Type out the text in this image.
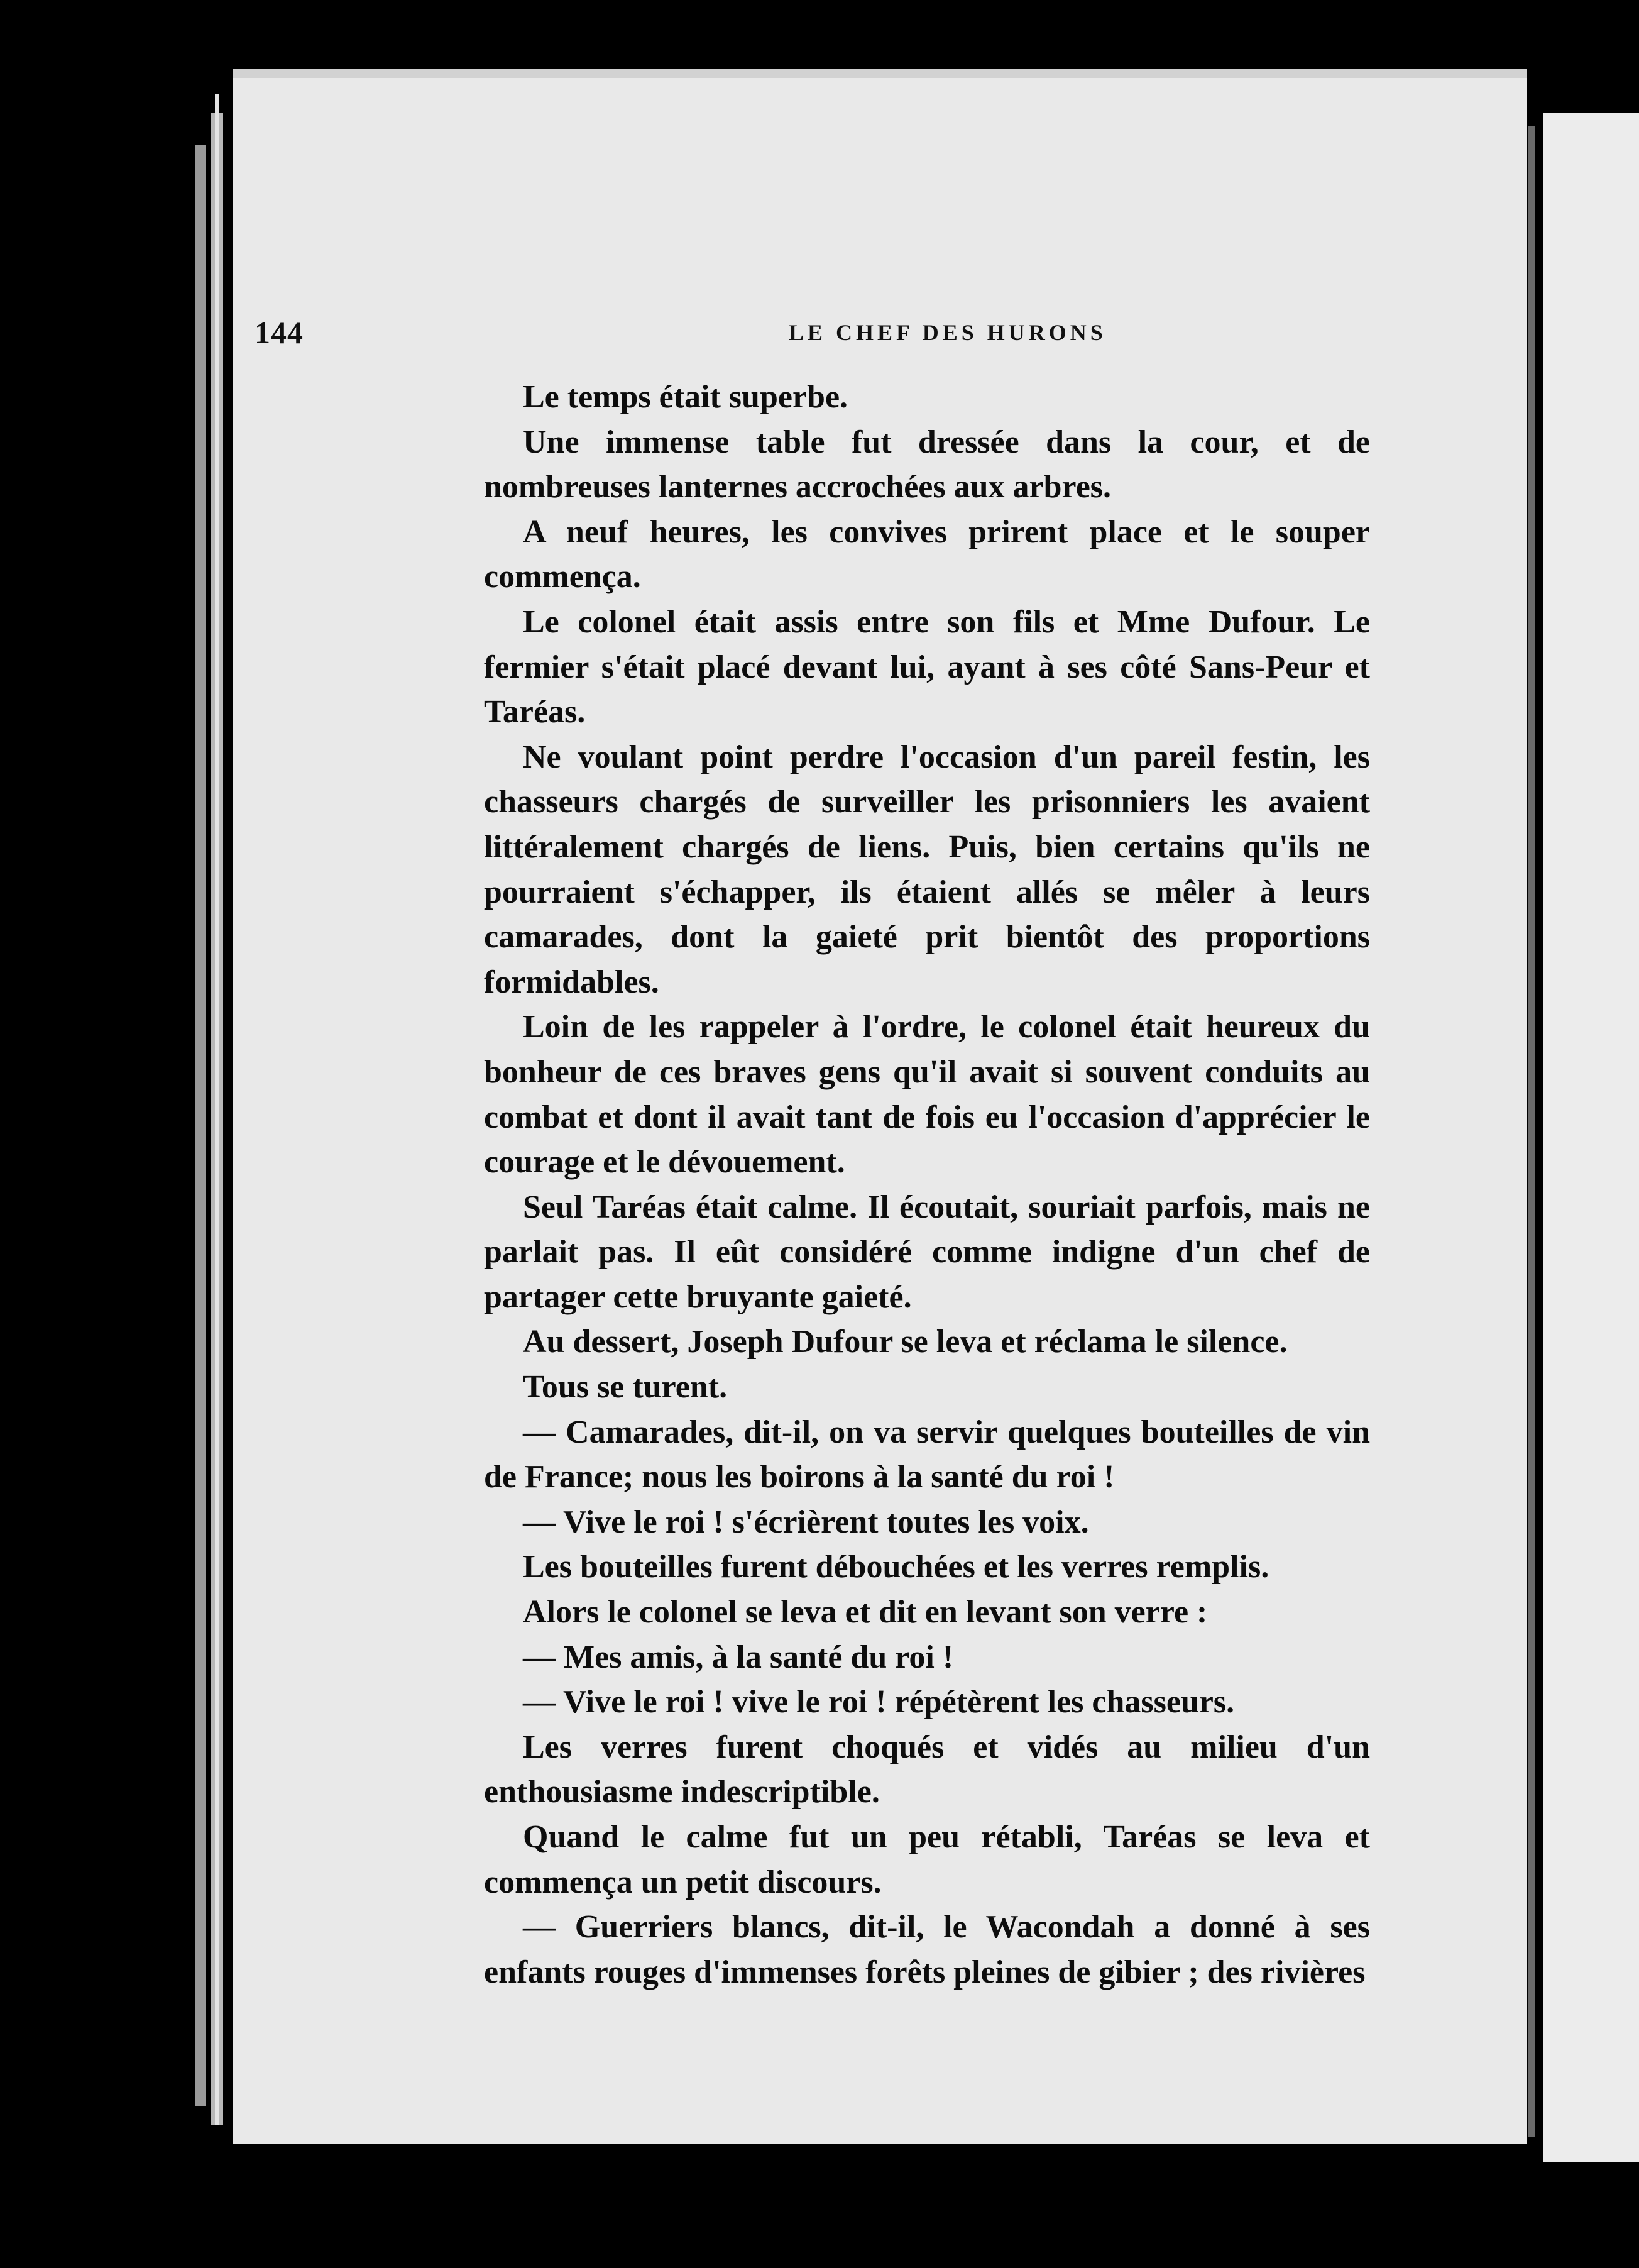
144	LE CHEF DES HURONS

Le temps était superbe.

Une immense table fut dressée dans la cour, et de nombreuses lanternes accrochées aux arbres.

A neuf heures, les convives prirent place et le souper commença.

Le colonel était assis entre son fils et Mme Dufour. Le fermier s'était placé devant lui, ayant à ses côté Sans-Peur et Taréas.

Ne voulant point perdre l'occasion d'un pareil festin, les chasseurs chargés de surveiller les prisonniers les avaient littéralement chargés de liens. Puis, bien certains qu'ils ne pourraient s'échapper, ils étaient allés se mêler à leurs camarades, dont la gaieté prit bientôt des proportions formidables.

Loin de les rappeler à l'ordre, le colonel était heureux du bonheur de ces braves gens qu'il avait si souvent conduits au combat et dont il avait tant de fois eu l'occasion d'apprécier le courage et le dévouement.

Seul Taréas était calme. Il écoutait, souriait parfois, mais ne parlait pas. Il eût considéré comme indigne d'un chef de partager cette bruyante gaieté.

Au dessert, Joseph Dufour se leva et réclama le silence.

Tous se turent.

— Camarades, dit-il, on va servir quelques bouteilles de vin de France; nous les boirons à la santé du roi !

— Vive le roi ! s'écrièrent toutes les voix.

Les bouteilles furent débouchées et les verres remplis.

Alors le colonel se leva et dit en levant son verre :

— Mes amis, à la santé du roi !

— Vive le roi ! vive le roi ! répétèrent les chasseurs.

Les verres furent choqués et vidés au milieu d'un enthousiasme indescriptible.

Quand le calme fut un peu rétabli, Taréas se leva et commença un petit discours.

— Guerriers blancs, dit-il, le Wacondah a donné à ses enfants rouges d'immenses forêts pleines de gibier ; des rivières
